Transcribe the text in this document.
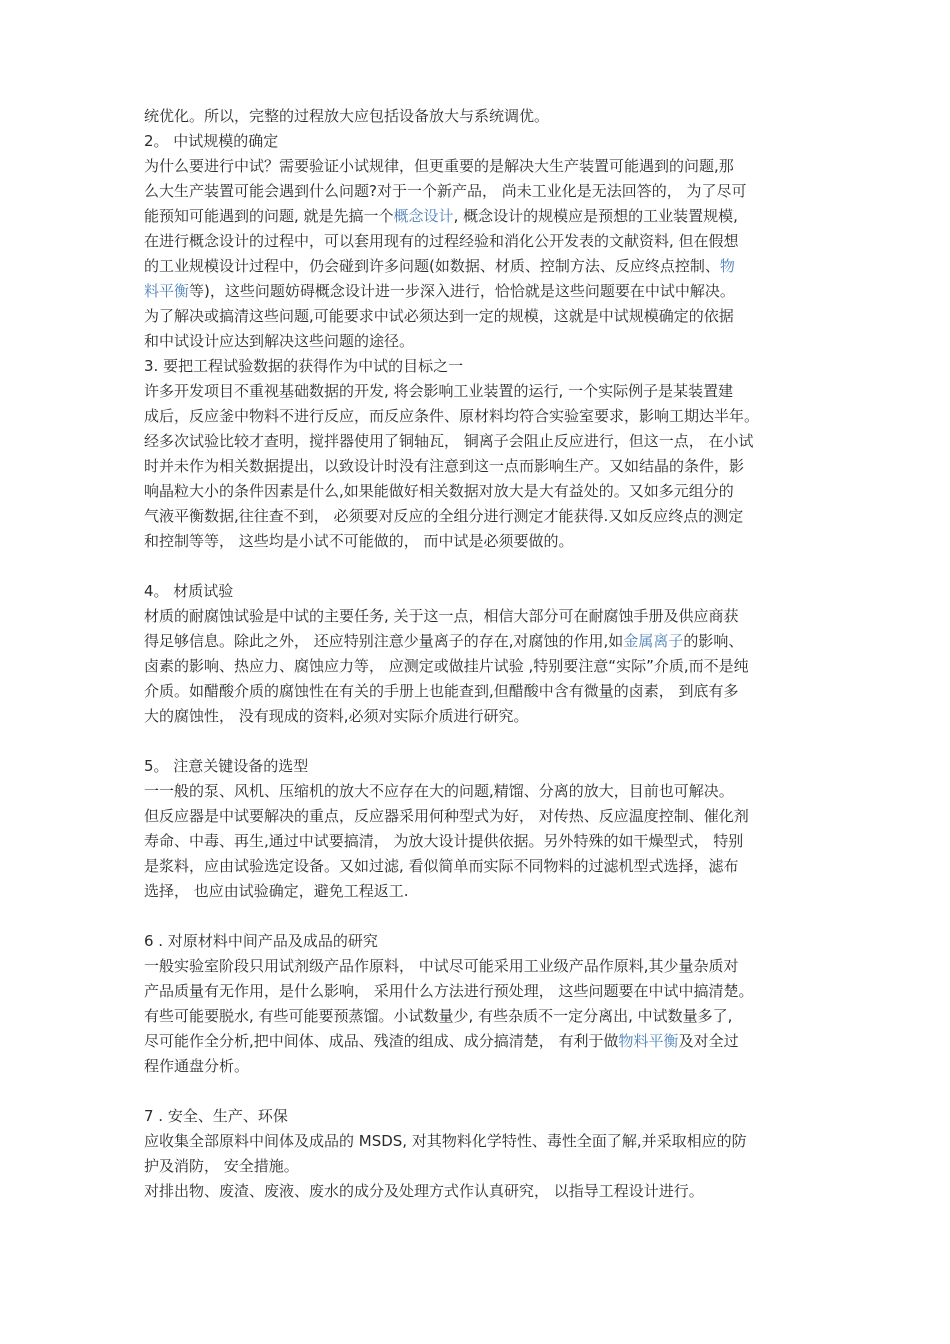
统优化。所以，完整的过程放大应包括设备放大与系统调优。
2。 中试规模的确定
为什么要进行中试？需要验证小试规律，但更重要的是解决大生产装置可能遇到的问题,那
么大生产装置可能会遇到什么问题?对于一个新产品， 尚未工业化是无法回答的， 为了尽可
能预知可能遇到的问题, 就是先搞一个概念设计, 概念设计的规模应是预想的工业装置规模,
在进行概念设计的过程中，可以套用现有的过程经验和消化公开发表的文献资料, 但在假想
的工业规模设计过程中，仍会碰到许多问题(如数据、材质、控制方法、反应终点控制、物
料平衡等)，这些问题妨碍概念设计进一步深入进行，恰恰就是这些问题要在中试中解决。
为了解决或搞清这些问题,可能要求中试必须达到一定的规模，这就是中试规模确定的依据
和中试设计应达到解决这些问题的途径。
3. 要把工程试验数据的获得作为中试的目标之一
许多开发项目不重视基础数据的开发, 将会影响工业装置的运行, 一个实际例子是某装置建
成后，反应釜中物料不进行反应，而反应条件、原材料均符合实验室要求，影响工期达半年。
经多次试验比较才查明，搅拌器使用了铜轴瓦， 铜离子会阻止反应进行，但这一点， 在小试
时并未作为相关数据提出，以致设计时没有注意到这一点而影响生产。又如结晶的条件，影
响晶粒大小的条件因素是什么,如果能做好相关数据对放大是大有益处的。又如多元组分的
气液平衡数据,往往查不到， 必须要对反应的全组分进行测定才能获得.又如反应终点的测定
和控制等等， 这些均是小试不可能做的， 而中试是必须要做的。
4。 材质试验
材质的耐腐蚀试验是中试的主要任务, 关于这一点，相信大部分可在耐腐蚀手册及供应商获
得足够信息。除此之外， 还应特别注意少量离子的存在,对腐蚀的作用,如金属离子的影响、
卤素的影响、热应力、腐蚀应力等， 应测定或做挂片试验 ,特别要注意“实际”介质,而不是纯
介质。如醋酸介质的腐蚀性在有关的手册上也能查到,但醋酸中含有微量的卤素， 到底有多
大的腐蚀性， 没有现成的资料,必须对实际介质进行研究。
5。 注意关键设备的选型
一一般的泵、风机、压缩机的放大不应存在大的问题,精馏、分离的放大，目前也可解决。
但反应器是中试要解决的重点，反应器采用何种型式为好， 对传热、反应温度控制、催化剂
寿命、中毒、再生,通过中试要搞清， 为放大设计提供依据。另外特殊的如干燥型式， 特别
是浆料，应由试验选定设备。又如过滤, 看似简单而实际不同物料的过滤机型式选择，滤布
选择， 也应由试验确定，避免工程返工.
6 . 对原材料中间产品及成品的研究
一般实验室阶段只用试剂级产品作原料， 中试尽可能采用工业级产品作原料,其少量杂质对
产品质量有无作用，是什么影响， 采用什么方法进行预处理， 这些问题要在中试中搞清楚。
有些可能要脱水, 有些可能要预蒸馏。小试数量少, 有些杂质不一定分离出, 中试数量多了,
尽可能作全分析,把中间体、成品、残渣的组成、成分搞清楚， 有利于做物料平衡及对全过
程作通盘分析。
7 . 安全、生产、环保
应收集全部原料中间体及成品的 MSDS, 对其物料化学特性、毒性全面了解,并采取相应的防
护及消防， 安全措施。
对排出物、废渣、废液、废水的成分及处理方式作认真研究， 以指导工程设计进行。
